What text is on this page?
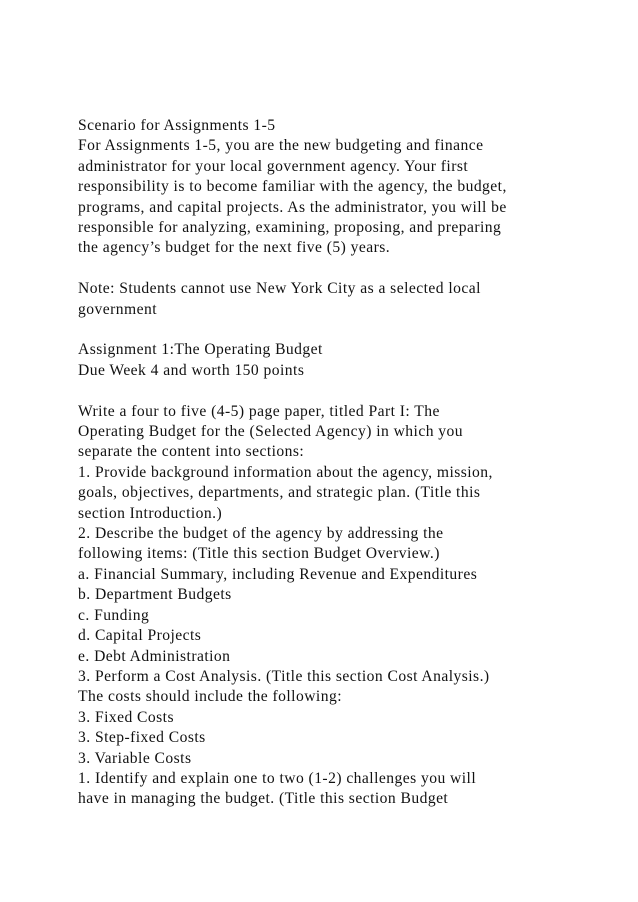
Scenario for Assignments 1-5
For Assignments 1-5, you are the new budgeting and finance
administrator for your local government agency. Your first
responsibility is to become familiar with the agency, the budget,
programs, and capital projects. As the administrator, you will be
responsible for analyzing, examining, proposing, and preparing
the agency’s budget for the next five (5) years.
Note: Students cannot use New York City as a selected local
government
Assignment 1:The Operating Budget
Due Week 4 and worth 150 points
Write a four to five (4-5) page paper, titled Part I: The
Operating Budget for the (Selected Agency) in which you
separate the content into sections:
1. Provide background information about the agency, mission,
goals, objectives, departments, and strategic plan. (Title this
section Introduction.)
2. Describe the budget of the agency by addressing the
following items: (Title this section Budget Overview.)
a. Financial Summary, including Revenue and Expenditures
b. Department Budgets
c. Funding
d. Capital Projects
e. Debt Administration
3. Perform a Cost Analysis. (Title this section Cost Analysis.)
The costs should include the following:
3. Fixed Costs
3. Step-fixed Costs
3. Variable Costs
1. Identify and explain one to two (1-2) challenges you will
have in managing the budget. (Title this section Budget
